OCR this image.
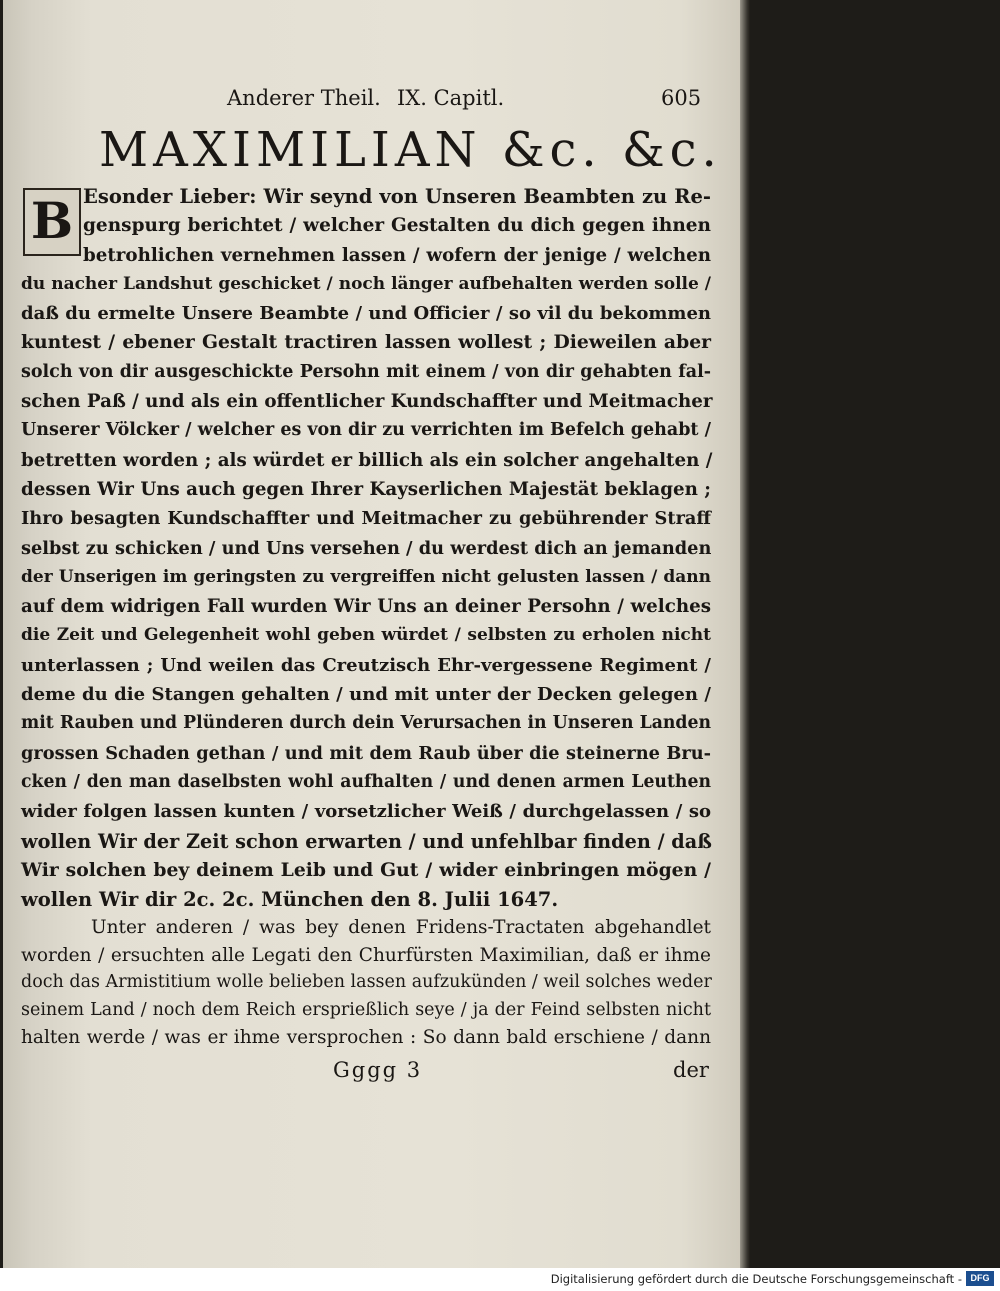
Anderer Theil. IX. Capitl.	605
MAXIMILIAN &c. &c.
B Esonder Lieber: Wir seynd von Unseren Beambten zu Re-
genspurg berichtet / welcher Gestalten du dich gegen ihnen
betrohlichen vernehmen lassen / wofern der jenige / welchen
du nacher Landshut geschicket / noch länger aufbehalten werden solle /
daß du ermelte Unsere Beambte / und Officier / so vil du bekommen
kuntest / ebener Gestalt tractiren lassen wollest ; Dieweilen aber
solch von dir ausgeschickte Persohn mit einem / von dir gehabten fal-
schen Paß / und als ein offentlicher Kundschaffter und Meitmacher
Unserer Völcker / welcher es von dir zu verrichten im Befelch gehabt /
betretten worden ; als würdet er billich als ein solcher angehalten /
dessen Wir Uns auch gegen Ihrer Kayserlichen Majestät beklagen ;
Ihro besagten Kundschaffter und Meitmacher zu gebührender Straff
selbst zu schicken / und Uns versehen / du werdest dich an jemanden
der Unserigen im geringsten zu vergreiffen nicht gelusten lassen / dann
auf dem widrigen Fall wurden Wir Uns an deiner Persohn / welches
die Zeit und Gelegenheit wohl geben würdet / selbsten zu erholen nicht
unterlassen ; Und weilen das Creutzisch Ehr-vergessene Regiment /
deme du die Stangen gehalten / und mit unter der Decken gelegen /
mit Rauben und Plünderen durch dein Verursachen in Unseren Landen
grossen Schaden gethan / und mit dem Raub über die steinerne Bru-
cken / den man daselbsten wohl aufhalten / und denen armen Leuthen
wider folgen lassen kunten / vorsetzlicher Weiß / durchgelassen / so
wollen Wir der Zeit schon erwarten / und unfehlbar finden / daß
Wir solchen bey deinem Leib und Gut / wider einbringen mögen /
wollen Wir dir 2c. 2c. München den 8. Julii 1647.
Unter anderen / was bey denen Fridens-Tractaten abgehandlet
worden / ersuchten alle Legati den Churfürsten Maximilian, daß er ihme
doch das Armistitium wolle belieben lassen aufzukünden / weil solches weder
seinem Land / noch dem Reich ersprießlich seye / ja der Feind selbsten nicht
halten werde / was er ihme versprochen : So dann bald erschiene / dann
Gggg 3	der
Digitalisierung gefördert durch die Deutsche Forschungsgemeinschaft - DFG
